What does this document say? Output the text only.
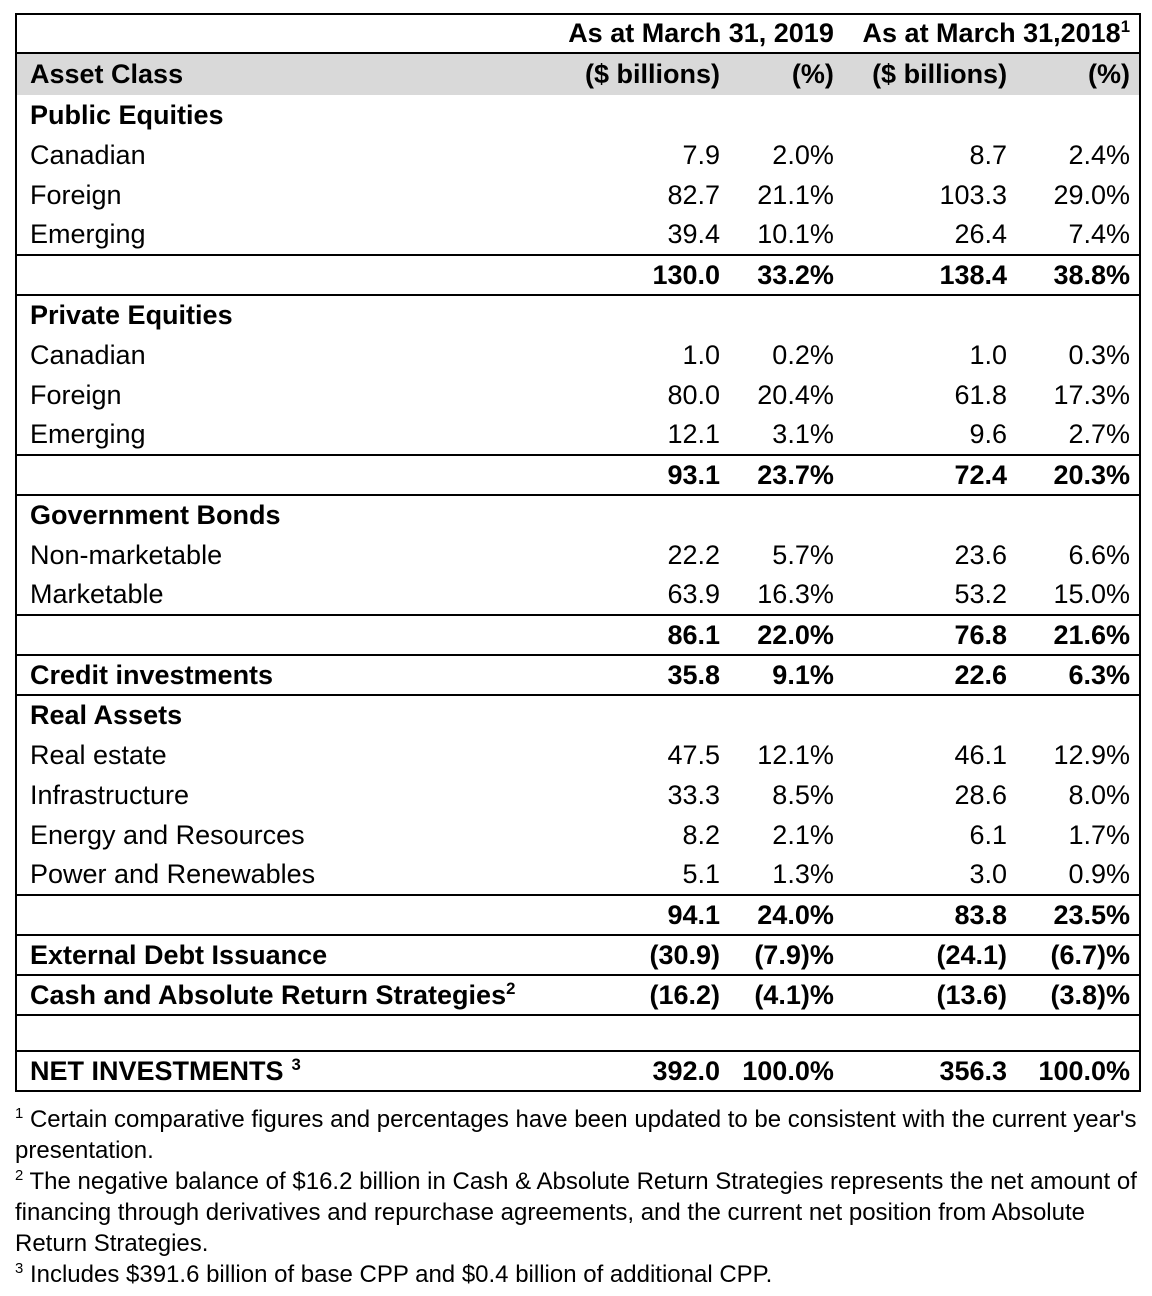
	As at March 31, 2019		As at March 31,2018$^1$
Asset Class	($ billions)	(%)	($ billions)	(%)
Public Equities				
Canadian	7.9	2.0%	8.7	2.4%
Foreign	82.7	21.1%	103.3	29.0%
Emerging	39.4	10.1%	26.4	7.4%
	130.0	33.2%	138.4	38.8%
Private Equities				
Canadian	1.0	0.2%	1.0	0.3%
Foreign	80.0	20.4%	61.8	17.3%
Emerging	12.1	3.1%	9.6	2.7%
	93.1	23.7%	72.4	20.3%
Government Bonds				
Non-marketable	22.2	5.7%	23.6	6.6%
Marketable	63.9	16.3%	53.2	15.0%
	86.1	22.0%	76.8	21.6%
Credit investments	35.8	9.1%	22.6	6.3%
Real Assets				
Real estate	47.5	12.1%	46.1	12.9%
Infrastructure	33.3	8.5%	28.6	8.0%
Energy and Resources	8.2	2.1%	6.1	1.7%
Power and Renewables	5.1	1.3%	3.0	0.9%
	94.1	24.0%	83.8	23.5%
External Debt Issuance	(30.9)	(7.9)%	(24.1)	(6.7)%
Cash and Absolute Return Strategies$^2$	(16.2)	(4.1)%	(13.6)	(3.8)%

NET INVESTMENTS $^3$	392.0	100.0%	356.3	100.0%

$^1$ Certain comparative figures and percentages have been updated to be consistent with the current year's presentation.

$^2$ The negative balance of $16.2 billion in Cash & Absolute Return Strategies represents the net amount of financing through derivatives and repurchase agreements, and the current net position from Absolute Return Strategies.

$^3$ Includes $391.6 billion of base CPP and $0.4 billion of additional CPP.
